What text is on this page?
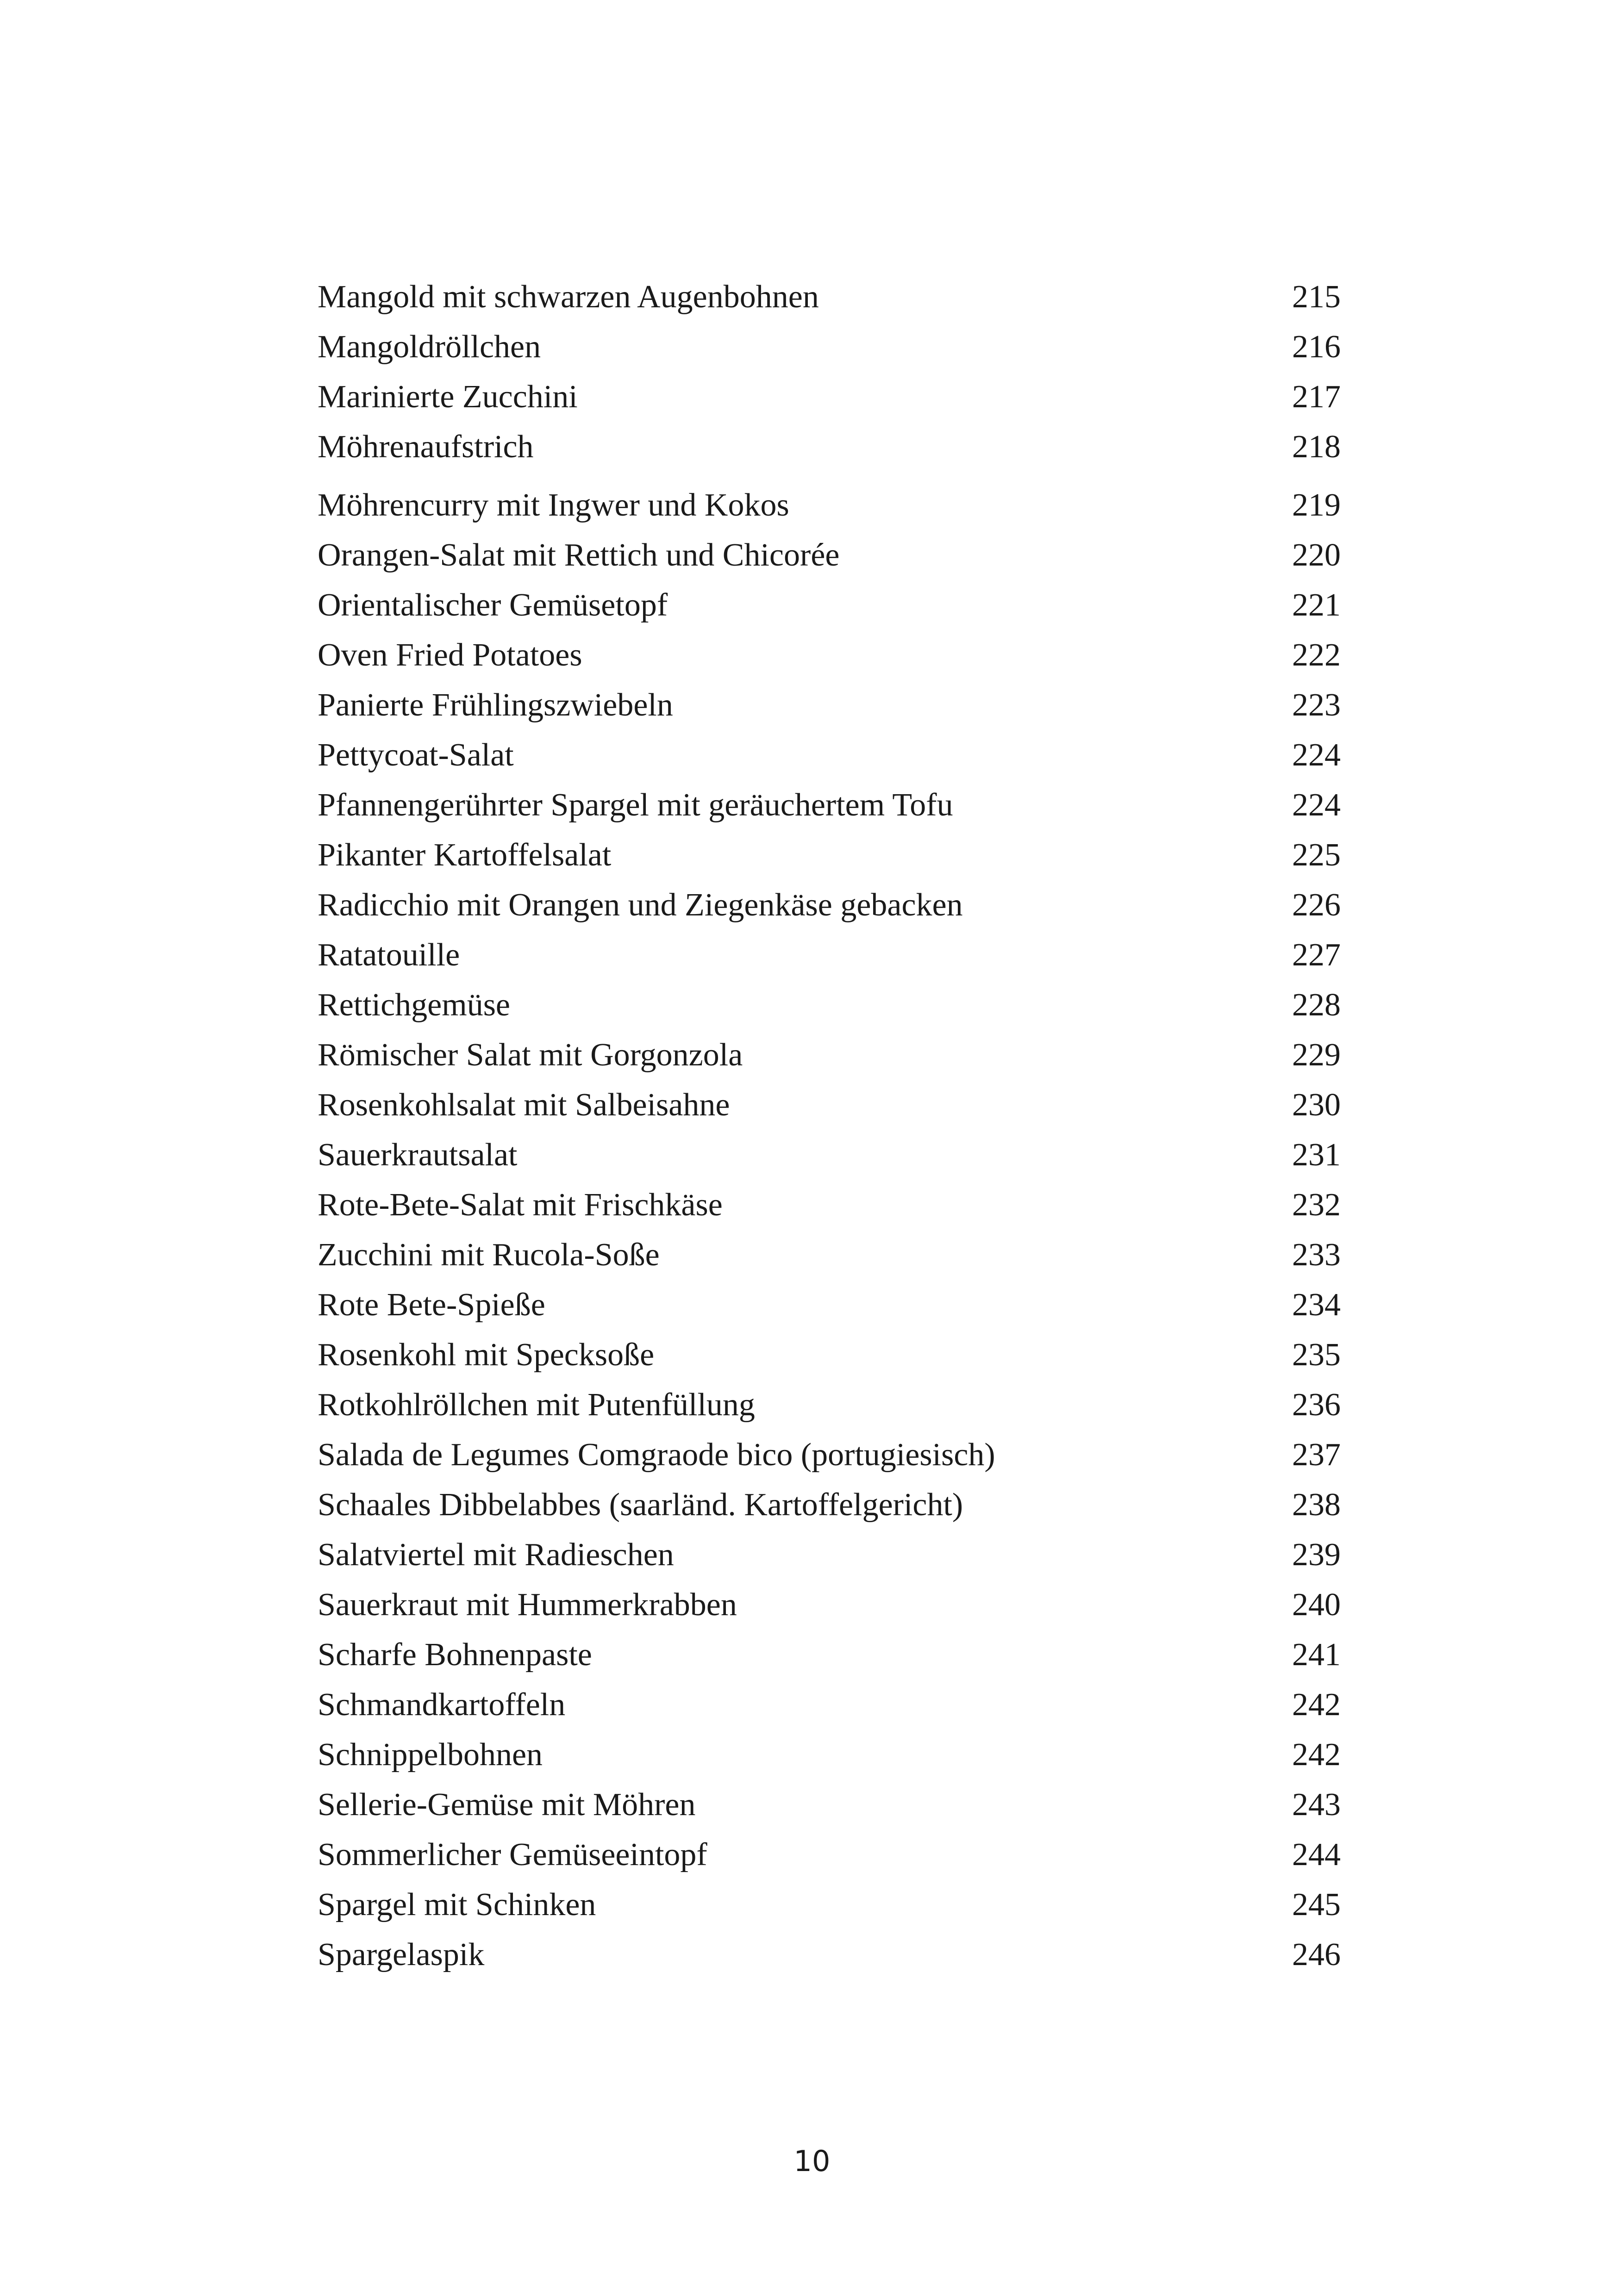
Mangold mit schwarzen Augenbohnen	215
Mangoldröllchen	216
Marinierte Zucchini	217
Möhrenaufstrich	218
Möhrencurry mit Ingwer und Kokos	219
Orangen-Salat mit Rettich und Chicorée	220
Orientalischer Gemüsetopf	221
Oven Fried Potatoes	222
Panierte Frühlingszwiebeln	223
Pettycoat-Salat	224
Pfannengerührter Spargel mit geräuchertem Tofu	224
Pikanter Kartoffelsalat	225
Radicchio mit Orangen und Ziegenkäse gebacken	226
Ratatouille	227
Rettichgemüse	228
Römischer Salat mit Gorgonzola	229
Rosenkohlsalat mit Salbeisahne	230
Sauerkrautsalat	231
Rote-Bete-Salat mit Frischkäse	232
Zucchini mit Rucola-Soße	233
Rote Bete-Spieße	234
Rosenkohl mit Specksoße	235
Rotkohlröllchen mit Putenfüllung	236
Salada de Legumes Comgraode bico (portugiesisch)	237
Schaales Dibbelabbes (saarländ. Kartoffelgericht)	238
Salatviertel mit Radieschen	239
Sauerkraut mit Hummerkrabben	240
Scharfe Bohnenpaste	241
Schmandkartoffeln	242
Schnippelbohnen	242
Sellerie-Gemüse mit Möhren	243
Sommerlicher Gemüseeintopf	244
Spargel mit Schinken	245
Spargelaspik	246
10
